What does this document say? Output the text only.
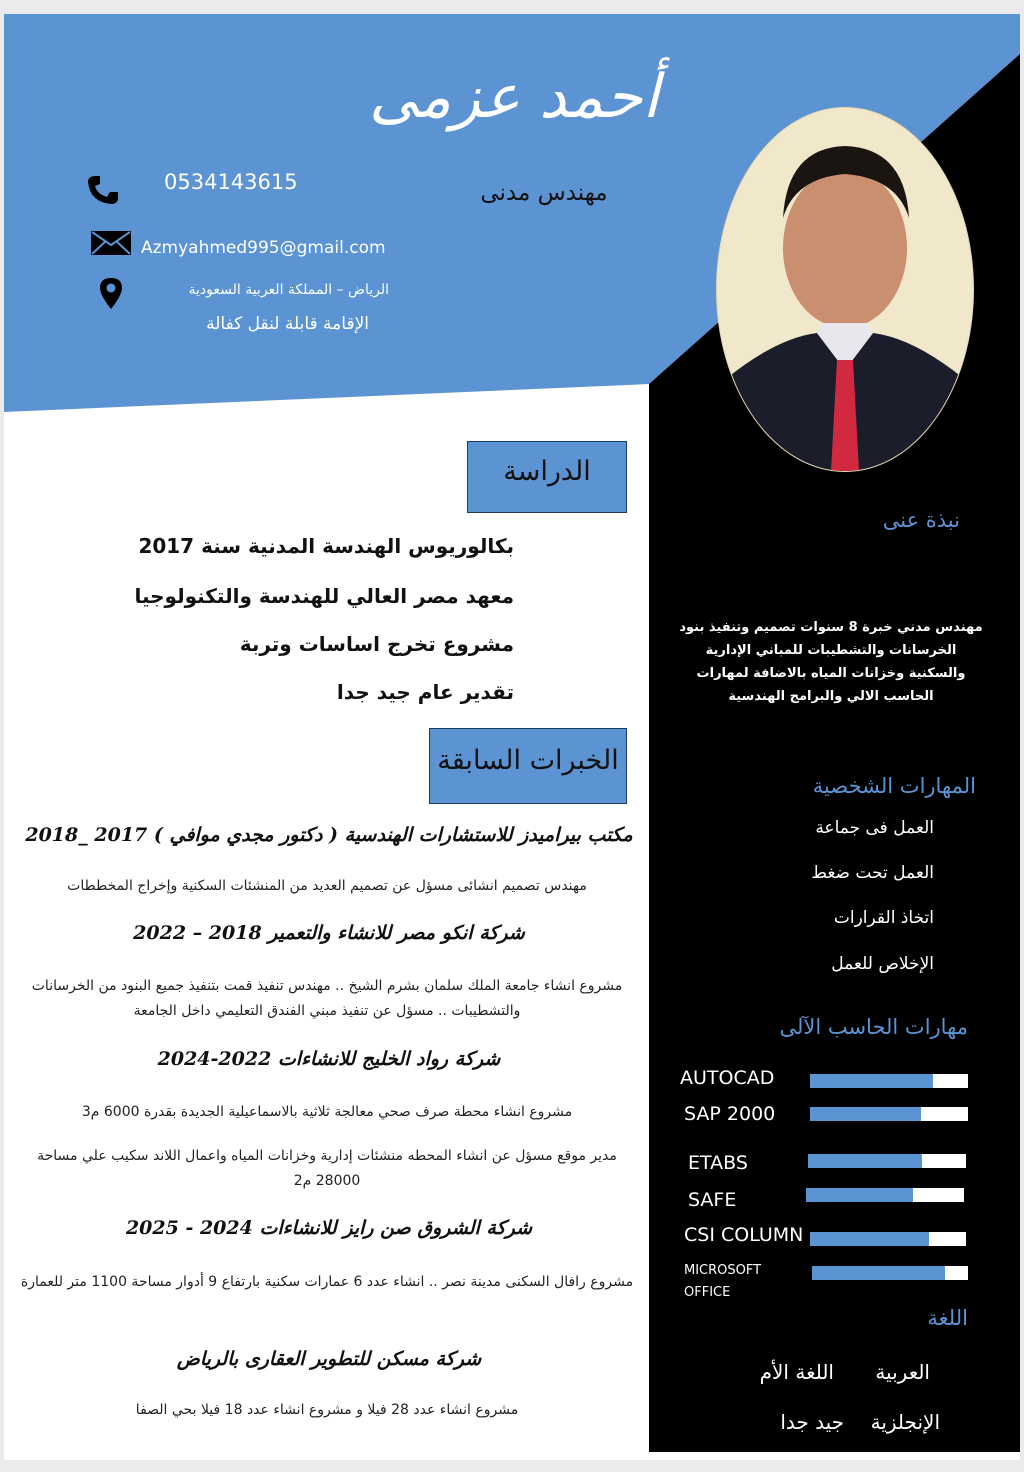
أحمد عزمى
مهندس مدنى
0534143615
Azmyahmed995@gmail.com
الرياض – المملكة العربية السعودية
الإقامة قابلة لنقل كفالة
الدراسة
بكالوريوس الهندسة المدنية سنة 2017
معهد مصر العالي للهندسة والتكنولوجيا
مشروع تخرج اساسات وتربة
تقدير عام جيد جدا
الخبرات السابقة
مكتب بيراميدز للاستشارات الهندسية ( دكتور مجدي موافي ) 2017 _2018
مهندس تصميم انشائى مسؤل عن تصميم العديد من المنشئات السكنية وإخراج المخططات
شركة انكو مصر للانشاء والتعمير 2018 – 2022
مشروع انشاء جامعة الملك سلمان بشرم الشيخ .. مهندس تنفيذ قمت بتنفيذ جميع البنود من الخرسانات والتشطيبات .. مسؤل عن تنفيذ مبني الفندق التعليمي داخل الجامعة
شركة رواد الخليج للانشاءات 2022-2024
مشروع انشاء محطة صرف صحي معالجة ثلاثية بالاسماعيلية الجديدة بقدرة 6000 م3
مدير موقع مسؤل عن انشاء المحطه منشئات إدارية وخزانات المياه واعمال اللاند سكيب علي مساحة 28000 م2
شركة الشروق صن رايز للانشاءات 2024 - 2025
مشروع رافال السكنى مدينة نصر .. انشاء عدد 6 عمارات سكنية بارتفاع 9 أدوار مساحة 1100 متر للعمارة
شركة مسكن للتطوير العقارى بالرياض
مشروع انشاء عدد 28 فيلا و مشروع انشاء عدد 18 فيلا بحي الصفا
نبذة عنى
مهندس مدني خبرة 8 سنوات تصميم وتنفيذ بنود الخرسانات والتشطيبات للمباني الإدارية والسكنية وخزانات المياه بالاضافة لمهارات الحاسب الالي والبرامج الهندسية
المهارات الشخصية
العمل فى جماعة
العمل تحت ضغط
اتخاذ القرارات
الإخلاص للعمل
مهارات الحاسب الآلى
اللغة
العربية
اللغة الأم
الإنجلزية
جيد جدا
AUTOCAD
SAP 2000
ETABS
SAFE
CSI COLUMN
MICROSOFT OFFICE
